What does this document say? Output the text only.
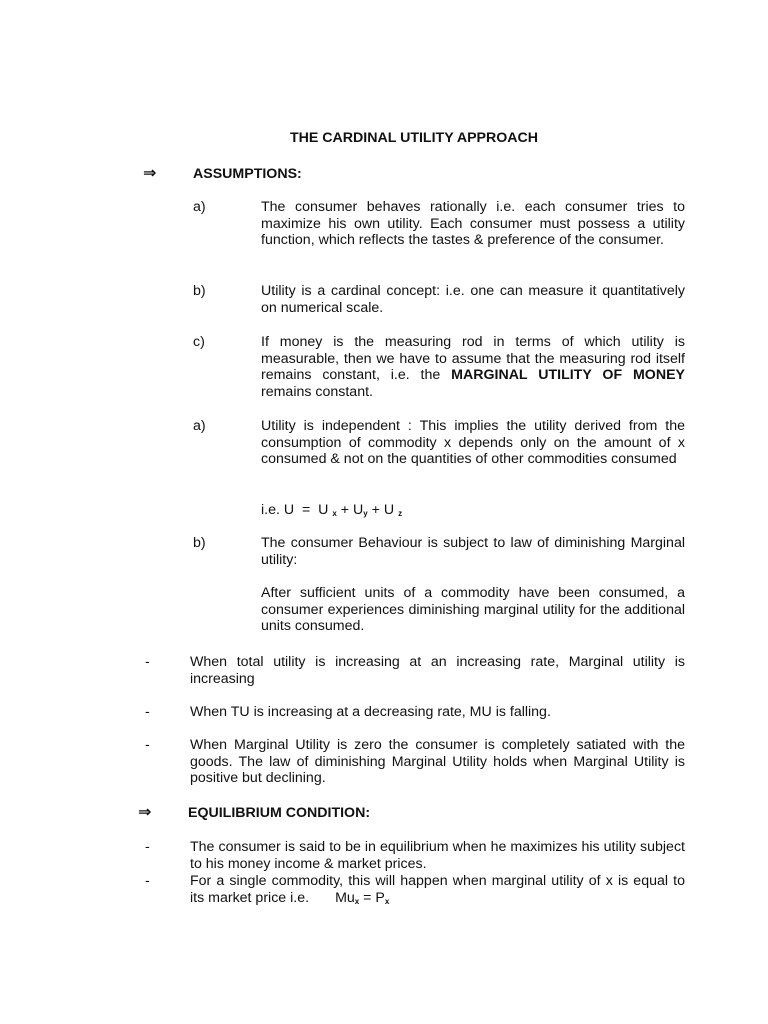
THE CARDINAL UTILITY APPROACH
⇒	ASSUMPTIONS:
a)	The consumer behaves rationally i.e. each consumer tries to maximize his own utility. Each consumer must possess a utility function, which reflects the tastes & preference of the consumer.
b)	Utility is a cardinal concept: i.e. one can measure it quantitatively on numerical scale.
c)	If money is the measuring rod in terms of which utility is measurable, then we have to assume that the measuring rod itself remains constant, i.e. the MARGINAL UTILITY OF MONEY remains constant.
a)	Utility is independent : This implies the utility derived from the consumption of commodity x depends only on the amount of x consumed & not on the quantities of other commodities consumed
i.e. U  =  U $_x + U_y + U$ $_z$
b)	The consumer Behaviour is subject to law of diminishing Marginal utility:
After sufficient units of a commodity have been consumed, a consumer experiences diminishing marginal utility for the additional units consumed.
-	When total utility is increasing at an increasing rate, Marginal utility is increasing
-	When TU is increasing at a decreasing rate, MU is falling.
-	When Marginal Utility is zero the consumer is completely satiated with the goods. The law of diminishing Marginal Utility holds when Marginal Utility is positive but declining.
⇒	EQUILIBRIUM CONDITION:
-	The consumer is said to be in equilibrium when he maximizes his utility subject to his money income & market prices.
-	For a single commodity, this will happen when marginal utility of x is equal to its market price i.e. $Mu_x = P_x$
